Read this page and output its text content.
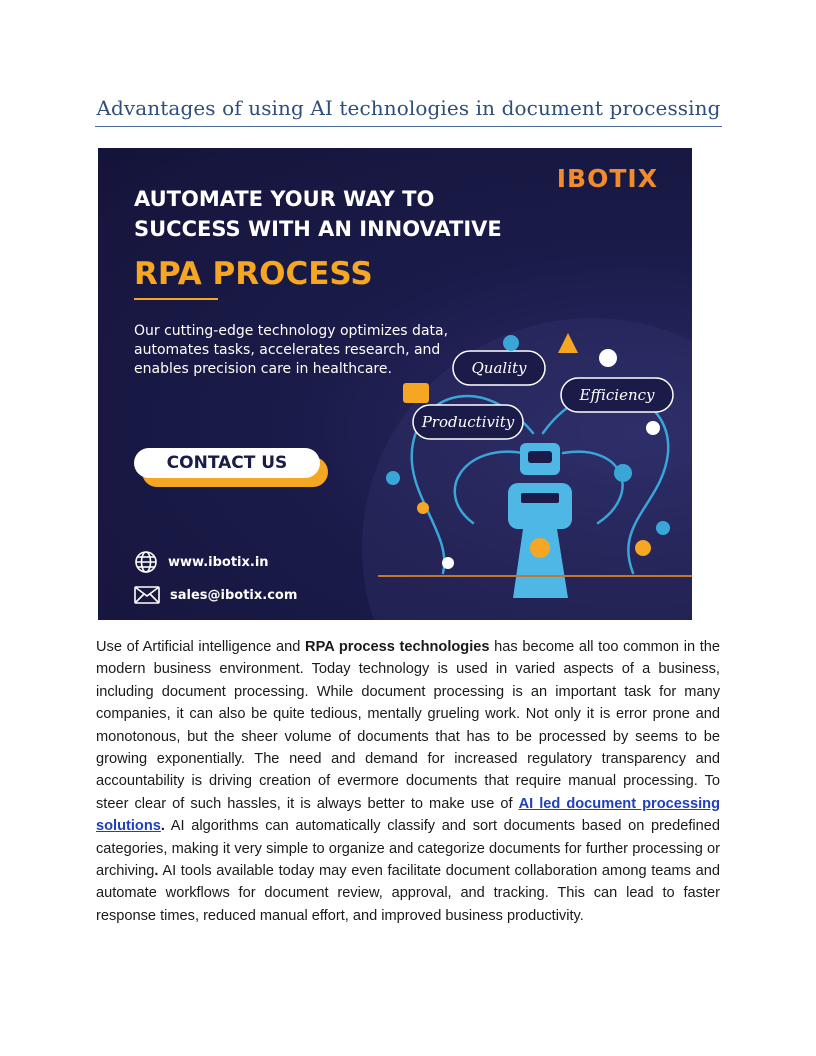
Advantages of using AI technologies in document processing
IBOTIX
AUTOMATE YOUR WAY TO
SUCCESS WITH AN INNOVATIVE
RPA PROCESS
Our cutting-edge technology optimizes data, automates tasks, accelerates research, and enables precision care in healthcare.
CONTACT US
Quality
Efficiency
Productivity
www.ibotix.in
sales@ibotix.com

Use of Artificial intelligence and RPA process technologies has become all too common in the modern business environment. Today technology is used in varied aspects of a business, including document processing. While document processing is an important task for many companies, it can also be quite tedious, mentally grueling work. Not only it is error prone and monotonous, but the sheer volume of documents that has to be processed by seems to be growing exponentially. The need and demand for increased regulatory transparency and accountability is driving creation of evermore documents that require manual processing. To steer clear of such hassles, it is always better to make use of AI led document processing solutions. AI algorithms can automatically classify and sort documents based on predefined categories, making it very simple to organize and categorize documents for further processing or archiving. AI tools available today may even facilitate document collaboration among teams and automate workflows for document review, approval, and tracking. This can lead to faster response times, reduced manual effort, and improved business productivity.
